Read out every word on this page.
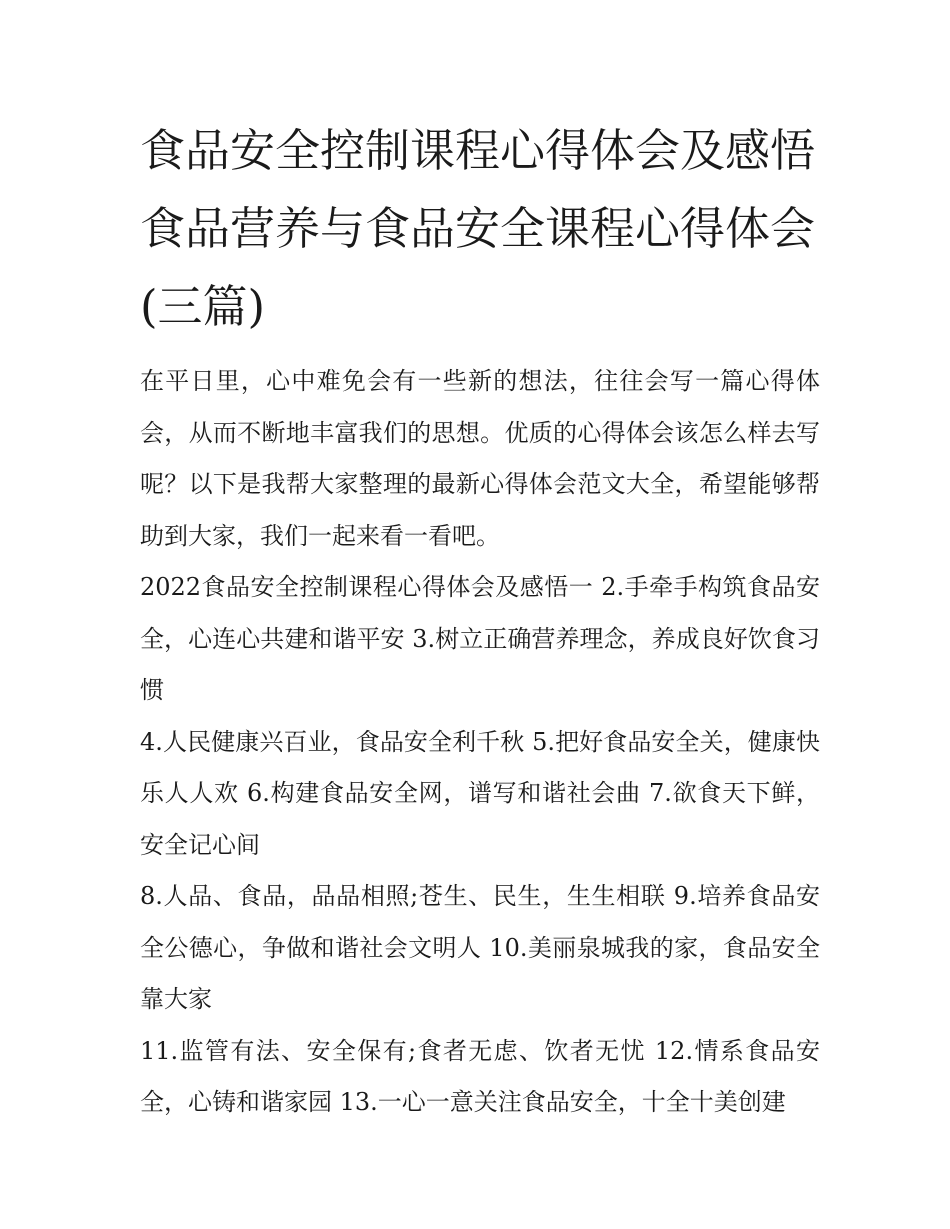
食品安全控制课程心得体会及感悟 食品营养与食品安全课程心得体会(三篇)

在平日里，心中难免会有一些新的想法，往往会写一篇心得体会，从而不断地丰富我们的思想。优质的心得体会该怎么样去写呢？以下是我帮大家整理的最新心得体会范文大全，希望能够帮助到大家，我们一起来看一看吧。

2022食品安全控制课程心得体会及感悟一 2.手牵手构筑食品安全，心连心共建和谐平安 3.树立正确营养理念，养成良好饮食习惯

4.人民健康兴百业，食品安全利千秋 5.把好食品安全关，健康快乐人人欢 6.构建食品安全网，谱写和谐社会曲 7.欲食天下鲜，安全记心间

8.人品、食品，品品相照;苍生、民生，生生相联 9.培养食品安全公德心，争做和谐社会文明人 10.美丽泉城我的家，食品安全靠大家

11.监管有法、安全保有;食者无虑、饮者无忧 12.情系食品安全，心铸和谐家园 13.一心一意关注食品安全，十全十美创建
